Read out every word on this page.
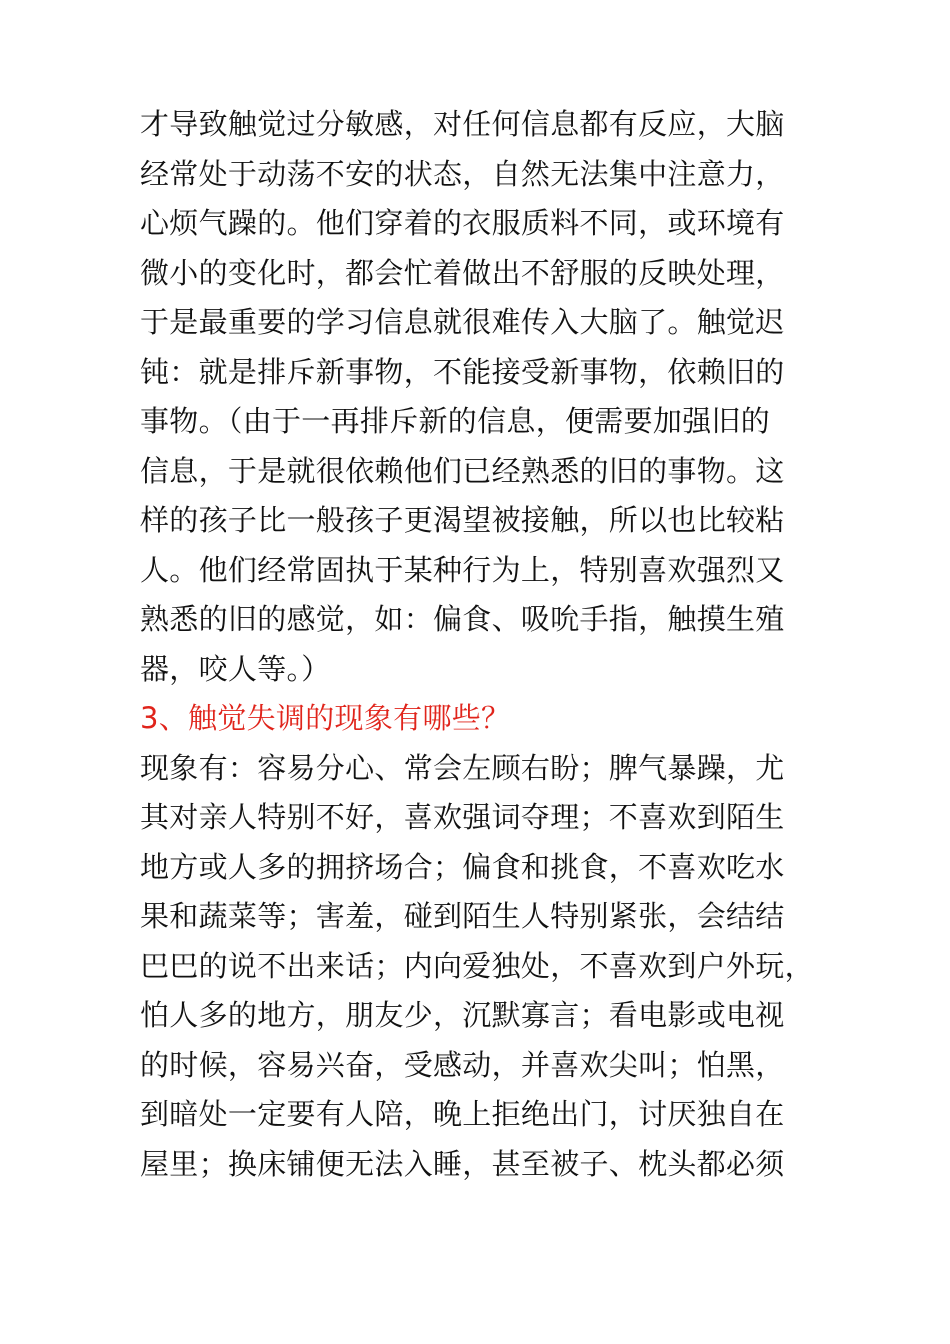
才导致触觉过分敏感，对任何信息都有反应，大脑
经常处于动荡不安的状态，自然无法集中注意力，
心烦气躁的。他们穿着的衣服质料不同，或环境有
微小的变化时，都会忙着做出不舒服的反映处理，
于是最重要的学习信息就很难传入大脑了。触觉迟
钝：就是排斥新事物，不能接受新事物，依赖旧的
事物。（由于一再排斥新的信息，便需要加强旧的
信息，于是就很依赖他们已经熟悉的旧的事物。这
样的孩子比一般孩子更渴望被接触，所以也比较粘
人。他们经常固执于某种行为上，特别喜欢强烈又
熟悉的旧的感觉，如：偏食、吸吮手指，触摸生殖
器，咬人等。）
3、触觉失调的现象有哪些？
现象有：容易分心、常会左顾右盼；脾气暴躁，尤
其对亲人特别不好，喜欢强词夺理；不喜欢到陌生
地方或人多的拥挤场合；偏食和挑食，不喜欢吃水
果和蔬菜等；害羞，碰到陌生人特别紧张，会结结
巴巴的说不出来话；内向爱独处，不喜欢到户外玩，
怕人多的地方，朋友少，沉默寡言；看电影或电视
的时候，容易兴奋，受感动，并喜欢尖叫；怕黑，
到暗处一定要有人陪，晚上拒绝出门，讨厌独自在
屋里；换床铺便无法入睡，甚至被子、枕头都必须
